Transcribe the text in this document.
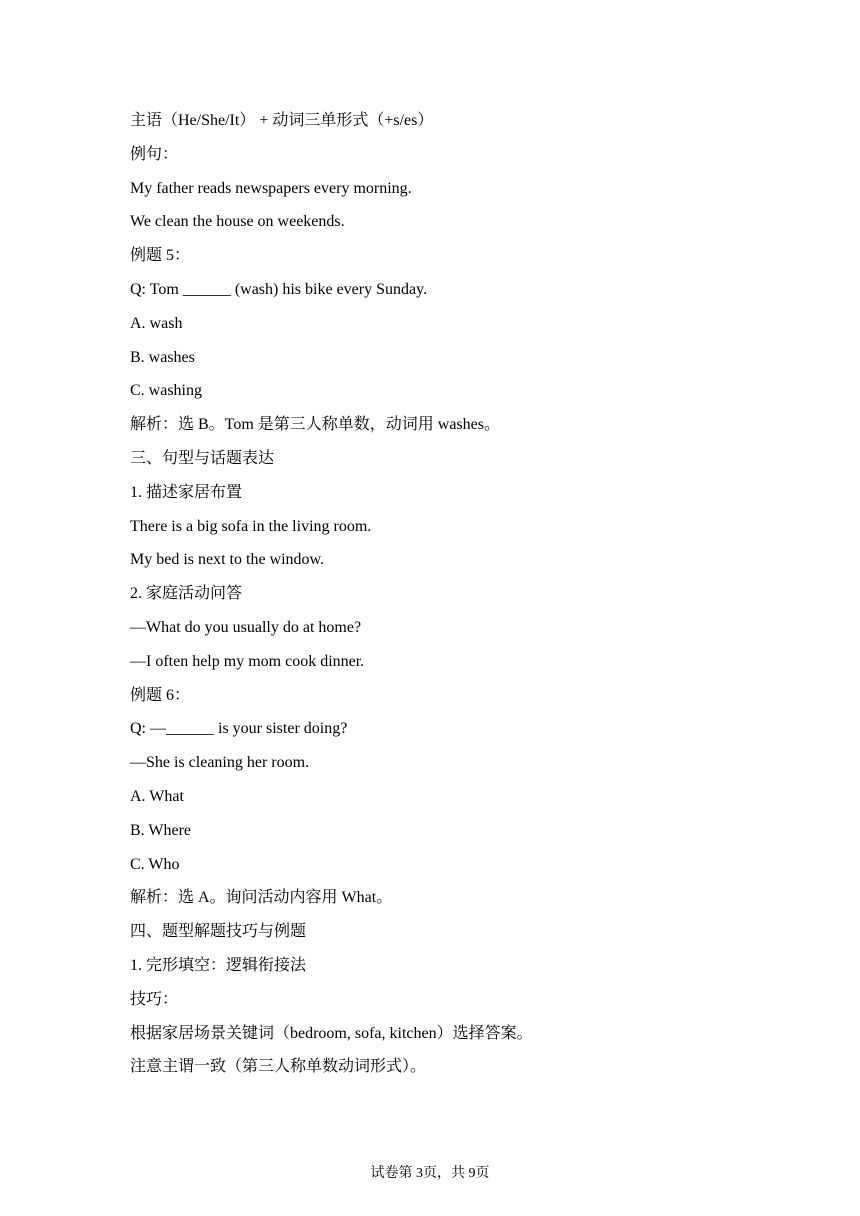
主语（He/She/It） + 动词三单形式（+s/es）
例句：
My father reads newspapers every morning.
We clean the house on weekends.
例题 5：
Q: Tom ______ (wash) his bike every Sunday.
A. wash
B. washes
C. washing
解析：选 B。Tom 是第三人称单数，动词用 washes。
三、句型与话题表达
1. 描述家居布置
There is a big sofa in the living room.
My bed is next to the window.
2. 家庭活动问答
—What do you usually do at home?
—I often help my mom cook dinner.
例题 6：
Q: —______ is your sister doing?
—She is cleaning her room.
A. What
B. Where
C. Who
解析：选 A。询问活动内容用 What。
四、题型解题技巧与例题
1. 完形填空：逻辑衔接法
技巧：
根据家居场景关键词（bedroom, sofa, kitchen）选择答案。
注意主谓一致（第三人称单数动词形式）。
试卷第 3页，共 9页
